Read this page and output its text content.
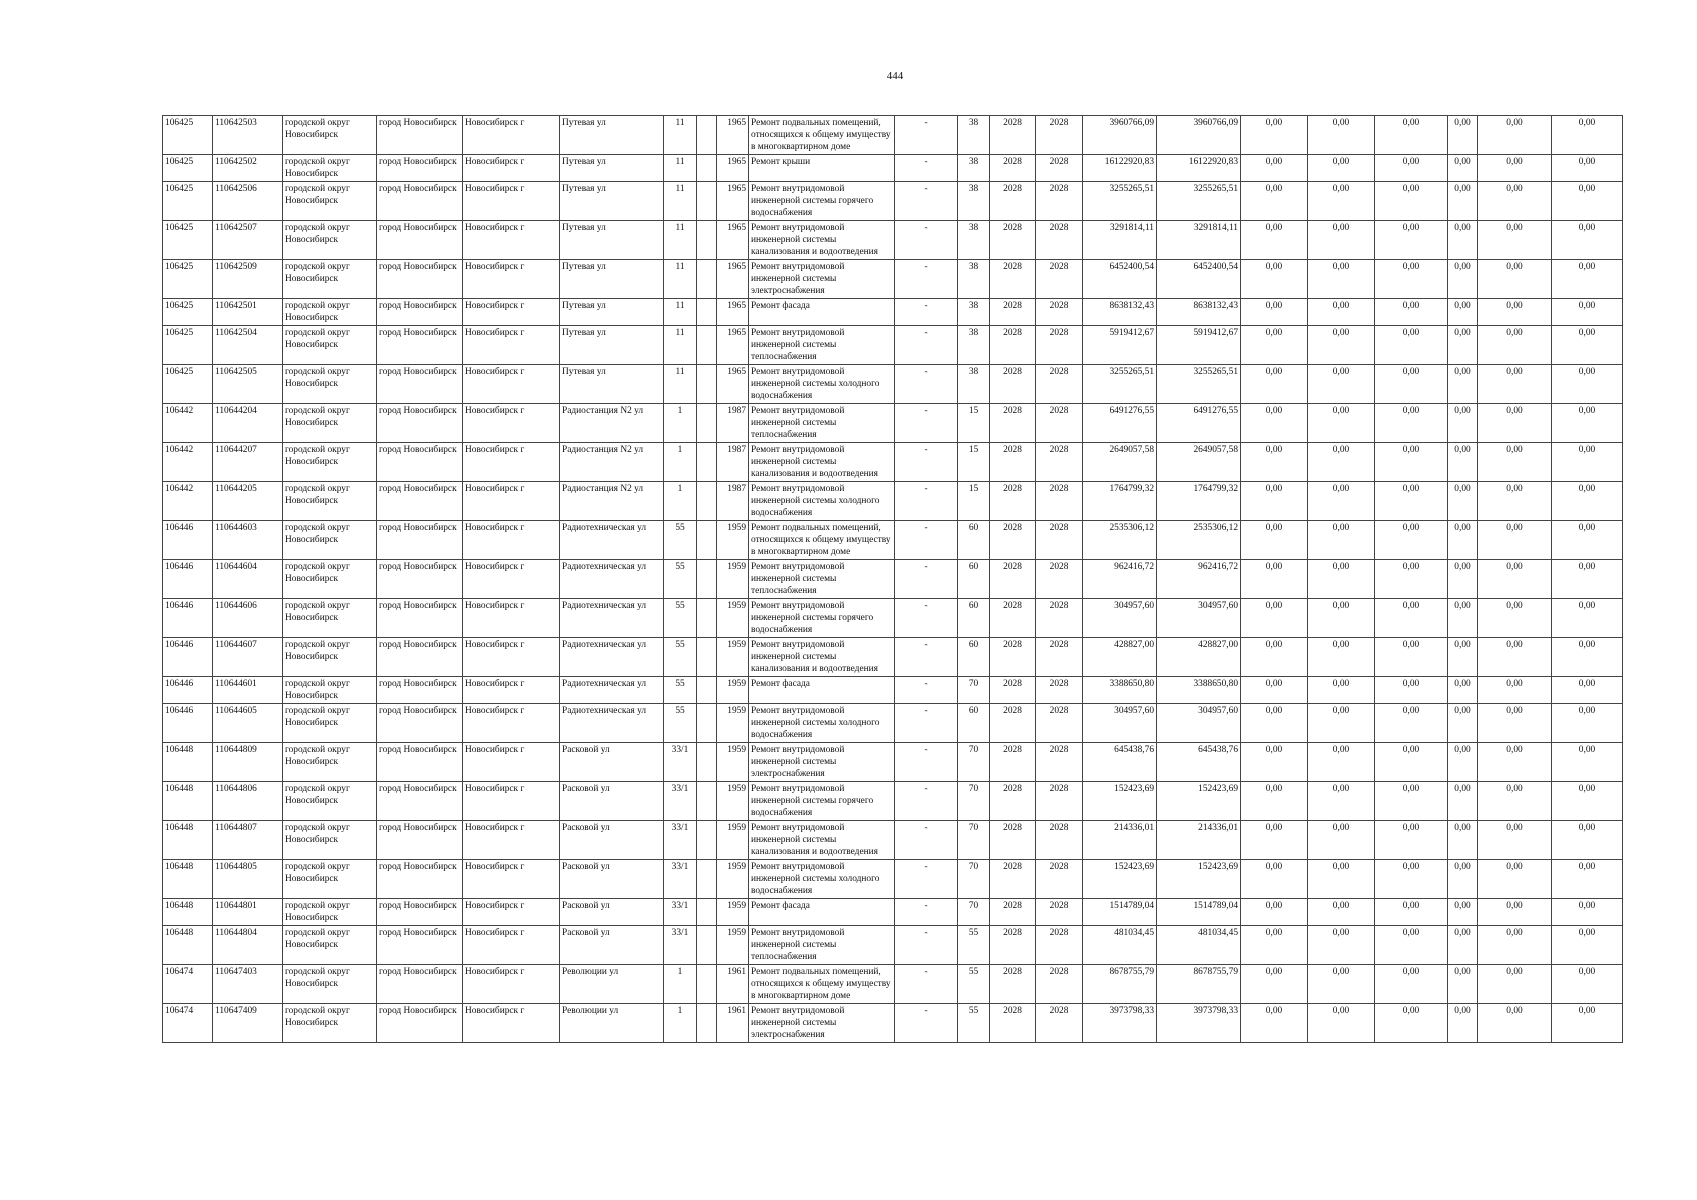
444
106425	110642503	городской округ Новосибирск	город Новосибирск	Новосибирск г	Путевая ул	11		1965	Ремонт подвальных помещений, относящихся к общему имуществу в многоквартирном доме	-	38	2028	2028	3960766,09	3960766,09	0,00	0,00	0,00	0,00	0,00	0,00
106425	110642502	городской округ Новосибирск	город Новосибирск	Новосибирск г	Путевая ул	11		1965	Ремонт крыши	-	38	2028	2028	16122920,83	16122920,83	0,00	0,00	0,00	0,00	0,00	0,00
106425	110642506	городской округ Новосибирск	город Новосибирск	Новосибирск г	Путевая ул	11		1965	Ремонт внутридомовой инженерной системы горячего водоснабжения	-	38	2028	2028	3255265,51	3255265,51	0,00	0,00	0,00	0,00	0,00	0,00
106425	110642507	городской округ Новосибирск	город Новосибирск	Новосибирск г	Путевая ул	11		1965	Ремонт внутридомовой инженерной системы канализования и водоотведения	-	38	2028	2028	3291814,11	3291814,11	0,00	0,00	0,00	0,00	0,00	0,00
106425	110642509	городской округ Новосибирск	город Новосибирск	Новосибирск г	Путевая ул	11		1965	Ремонт внутридомовой инженерной системы электроснабжения	-	38	2028	2028	6452400,54	6452400,54	0,00	0,00	0,00	0,00	0,00	0,00
106425	110642501	городской округ Новосибирск	город Новосибирск	Новосибирск г	Путевая ул	11		1965	Ремонт фасада	-	38	2028	2028	8638132,43	8638132,43	0,00	0,00	0,00	0,00	0,00	0,00
106425	110642504	городской округ Новосибирск	город Новосибирск	Новосибирск г	Путевая ул	11		1965	Ремонт внутридомовой инженерной системы теплоснабжения	-	38	2028	2028	5919412,67	5919412,67	0,00	0,00	0,00	0,00	0,00	0,00
106425	110642505	городской округ Новосибирск	город Новосибирск	Новосибирск г	Путевая ул	11		1965	Ремонт внутридомовой инженерной системы холодного водоснабжения	-	38	2028	2028	3255265,51	3255265,51	0,00	0,00	0,00	0,00	0,00	0,00
106442	110644204	городской округ Новосибирск	город Новосибирск	Новосибирск г	Радиостанция N2 ул	1		1987	Ремонт внутридомовой инженерной системы теплоснабжения	-	15	2028	2028	6491276,55	6491276,55	0,00	0,00	0,00	0,00	0,00	0,00
106442	110644207	городской округ Новосибирск	город Новосибирск	Новосибирск г	Радиостанция N2 ул	1		1987	Ремонт внутридомовой инженерной системы канализования и водоотведения	-	15	2028	2028	2649057,58	2649057,58	0,00	0,00	0,00	0,00	0,00	0,00
106442	110644205	городской округ Новосибирск	город Новосибирск	Новосибирск г	Радиостанция N2 ул	1		1987	Ремонт внутридомовой инженерной системы холодного водоснабжения	-	15	2028	2028	1764799,32	1764799,32	0,00	0,00	0,00	0,00	0,00	0,00
106446	110644603	городской округ Новосибирск	город Новосибирск	Новосибирск г	Радиотехническая ул	55		1959	Ремонт подвальных помещений, относящихся к общему имуществу в многоквартирном доме	-	60	2028	2028	2535306,12	2535306,12	0,00	0,00	0,00	0,00	0,00	0,00
106446	110644604	городской округ Новосибирск	город Новосибирск	Новосибирск г	Радиотехническая ул	55		1959	Ремонт внутридомовой инженерной системы теплоснабжения	-	60	2028	2028	962416,72	962416,72	0,00	0,00	0,00	0,00	0,00	0,00
106446	110644606	городской округ Новосибирск	город Новосибирск	Новосибирск г	Радиотехническая ул	55		1959	Ремонт внутридомовой инженерной системы горячего водоснабжения	-	60	2028	2028	304957,60	304957,60	0,00	0,00	0,00	0,00	0,00	0,00
106446	110644607	городской округ Новосибирск	город Новосибирск	Новосибирск г	Радиотехническая ул	55		1959	Ремонт внутридомовой инженерной системы канализования и водоотведения	-	60	2028	2028	428827,00	428827,00	0,00	0,00	0,00	0,00	0,00	0,00
106446	110644601	городской округ Новосибирск	город Новосибирск	Новосибирск г	Радиотехническая ул	55		1959	Ремонт фасада	-	70	2028	2028	3388650,80	3388650,80	0,00	0,00	0,00	0,00	0,00	0,00
106446	110644605	городской округ Новосибирск	город Новосибирск	Новосибирск г	Радиотехническая ул	55		1959	Ремонт внутридомовой инженерной системы холодного водоснабжения	-	60	2028	2028	304957,60	304957,60	0,00	0,00	0,00	0,00	0,00	0,00
106448	110644809	городской округ Новосибирск	город Новосибирск	Новосибирск г	Расковой ул	33/1		1959	Ремонт внутридомовой инженерной системы электроснабжения	-	70	2028	2028	645438,76	645438,76	0,00	0,00	0,00	0,00	0,00	0,00
106448	110644806	городской округ Новосибирск	город Новосибирск	Новосибирск г	Расковой ул	33/1		1959	Ремонт внутридомовой инженерной системы горячего водоснабжения	-	70	2028	2028	152423,69	152423,69	0,00	0,00	0,00	0,00	0,00	0,00
106448	110644807	городской округ Новосибирск	город Новосибирск	Новосибирск г	Расковой ул	33/1		1959	Ремонт внутридомовой инженерной системы канализования и водоотведения	-	70	2028	2028	214336,01	214336,01	0,00	0,00	0,00	0,00	0,00	0,00
106448	110644805	городской округ Новосибирск	город Новосибирск	Новосибирск г	Расковой ул	33/1		1959	Ремонт внутридомовой инженерной системы холодного водоснабжения	-	70	2028	2028	152423,69	152423,69	0,00	0,00	0,00	0,00	0,00	0,00
106448	110644801	городской округ Новосибирск	город Новосибирск	Новосибирск г	Расковой ул	33/1		1959	Ремонт фасада	-	70	2028	2028	1514789,04	1514789,04	0,00	0,00	0,00	0,00	0,00	0,00
106448	110644804	городской округ Новосибирск	город Новосибирск	Новосибирск г	Расковой ул	33/1		1959	Ремонт внутридомовой инженерной системы теплоснабжения	-	55	2028	2028	481034,45	481034,45	0,00	0,00	0,00	0,00	0,00	0,00
106474	110647403	городской округ Новосибирск	город Новосибирск	Новосибирск г	Революции ул	1		1961	Ремонт подвальных помещений, относящихся к общему имуществу в многоквартирном доме	-	55	2028	2028	8678755,79	8678755,79	0,00	0,00	0,00	0,00	0,00	0,00
106474	110647409	городской округ Новосибирск	город Новосибирск	Новосибирск г	Революции ул	1		1961	Ремонт внутридомовой инженерной системы электроснабжения	-	55	2028	2028	3973798,33	3973798,33	0,00	0,00	0,00	0,00	0,00	0,00
